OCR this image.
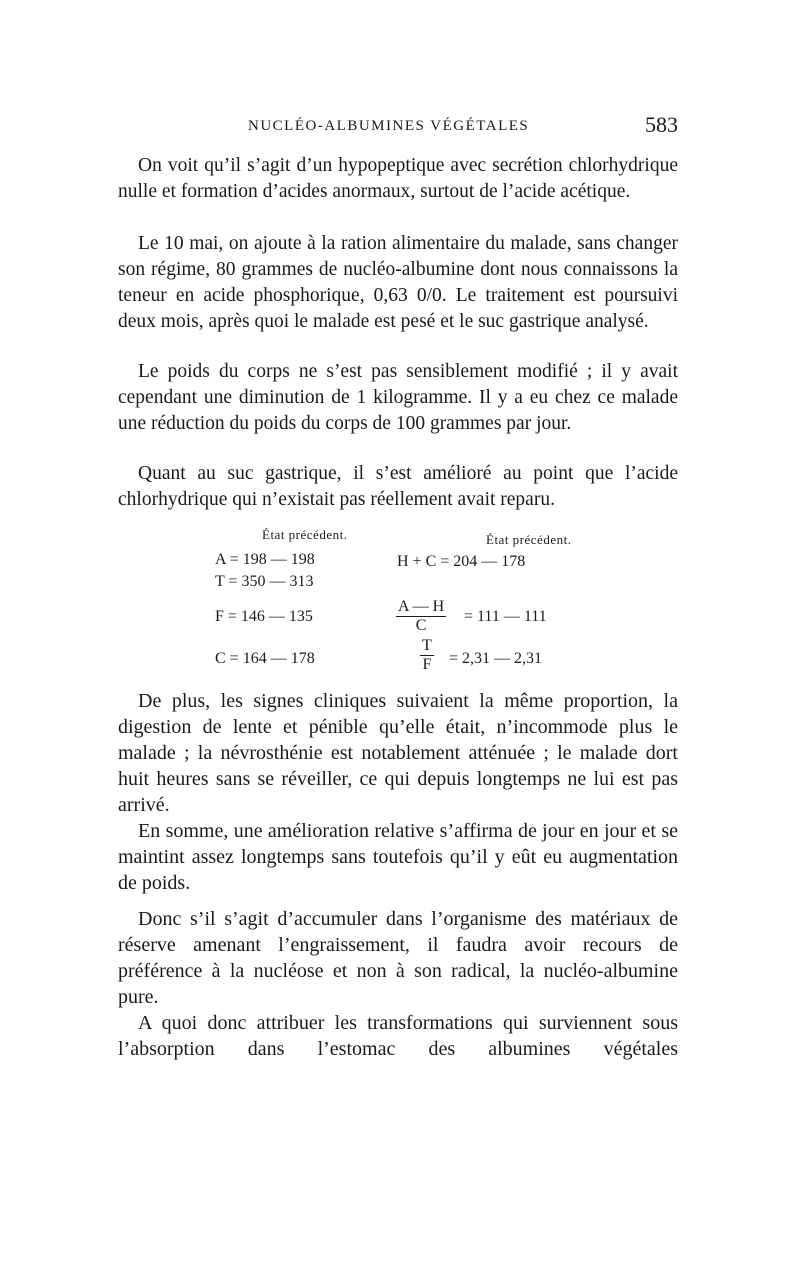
NUCLÉO-ALBUMINES VÉGÉTALES	583

On voit qu’il s’agit d’un hypopeptique avec secrétion chlorhydrique nulle et formation d’acides anormaux, surtout de l’acide acétique.

Le 10 mai, on ajoute à la ration alimentaire du malade, sans changer son régime, 80 grammes de nucléo-albumine dont nous connaissons la teneur en acide phosphorique, 0,63 0/0. Le traitement est poursuivi deux mois, après quoi le malade est pesé et le suc gastrique analysé.

Le poids du corps ne s’est pas sensiblement modifié ; il y avait cependant une diminution de 1 kilogramme. Il y a eu chez ce malade une réduction du poids du corps de 100 grammes par jour.

Quant au suc gastrique, il s’est amélioré au point que l’acide chlorhydrique qui n’existait pas réellement avait reparu.

État précédent.	État précédent.
A = 198 — 198
T = 350 — 313
F = 146 — 135
C = 164 — 178
H + C = 204 — 178
$\frac{A — H}{C} = 111$ — 111
$\frac{T}{F} = 2,31$ — 2,31

De plus, les signes cliniques suivaient la même proportion, la digestion de lente et pénible qu’elle était, n’incommode plus le malade ; la névrosthénie est notablement atténuée ; le malade dort huit heures sans se réveiller, ce qui depuis longtemps ne lui est pas arrivé.

En somme, une amélioration relative s’affirma de jour en jour et se maintint assez longtemps sans toutefois qu’il y eût eu augmentation de poids.

Donc s’il s’agit d’accumuler dans l’organisme des matériaux de réserve amenant l’engraissement, il faudra avoir recours de préférence à la nucléose et non à son radical, la nucléo-albumine pure.

A quoi donc attribuer les transformations qui surviennent sous l’absorption dans l’estomac des albumines végétales
